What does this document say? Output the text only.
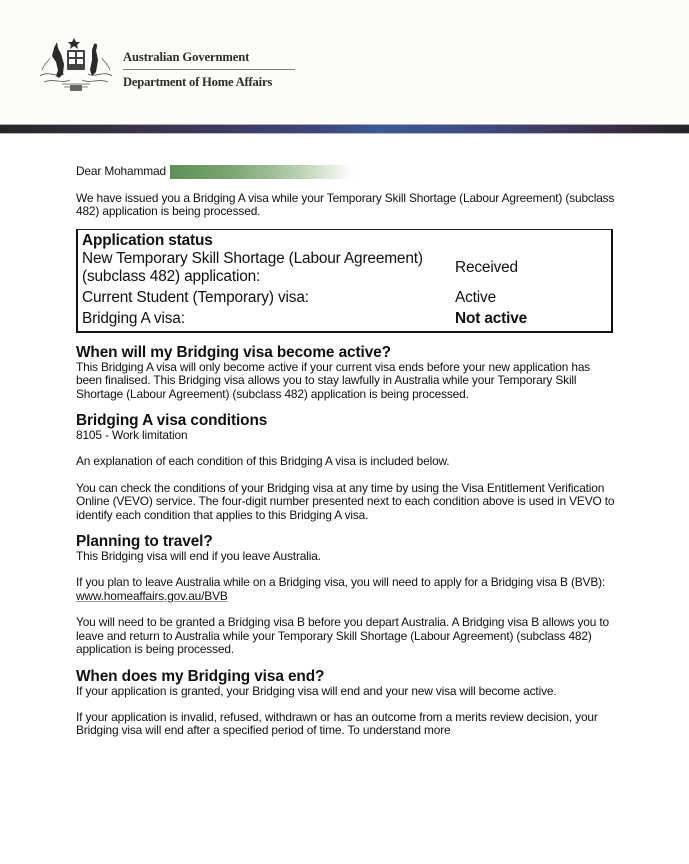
Australian Government
Department of Home Affairs
Dear Mohammad

We have issued you a Bridging A visa while your Temporary Skill Shortage (Labour Agreement) (subclass 482) application is being processed.

Application status
New Temporary Skill Shortage (Labour Agreement) (subclass 482) application:
Received
Current Student (Temporary) visa:	Active
Bridging A visa:	Not active
When will my Bridging visa become active?

This Bridging A visa will only become active if your current visa ends before your new application has been finalised. This Bridging visa allows you to stay lawfully in Australia while your Temporary Skill Shortage (Labour Agreement) (subclass 482) application is being processed.

Bridging A visa conditions

8105 - Work limitation

An explanation of each condition of this Bridging A visa is included below.

You can check the conditions of your Bridging visa at any time by using the Visa Entitlement Verification Online (VEVO) service. The four-digit number presented next to each condition above is used in VEVO to identify each condition that applies to this Bridging A visa.

Planning to travel?

This Bridging visa will end if you leave Australia.

If you plan to leave Australia while on a Bridging visa, you will need to apply for a Bridging visa B (BVB): www.homeaffairs.gov.au/BVB

You will need to be granted a Bridging visa B before you depart Australia. A Bridging visa B allows you to leave and return to Australia while your Temporary Skill Shortage (Labour Agreement) (subclass 482) application is being processed.

When does my Bridging visa end?

If your application is granted, your Bridging visa will end and your new visa will become active.

If your application is invalid, refused, withdrawn or has an outcome from a merits review decision, your Bridging visa will end after a specified period of time. To understand more
